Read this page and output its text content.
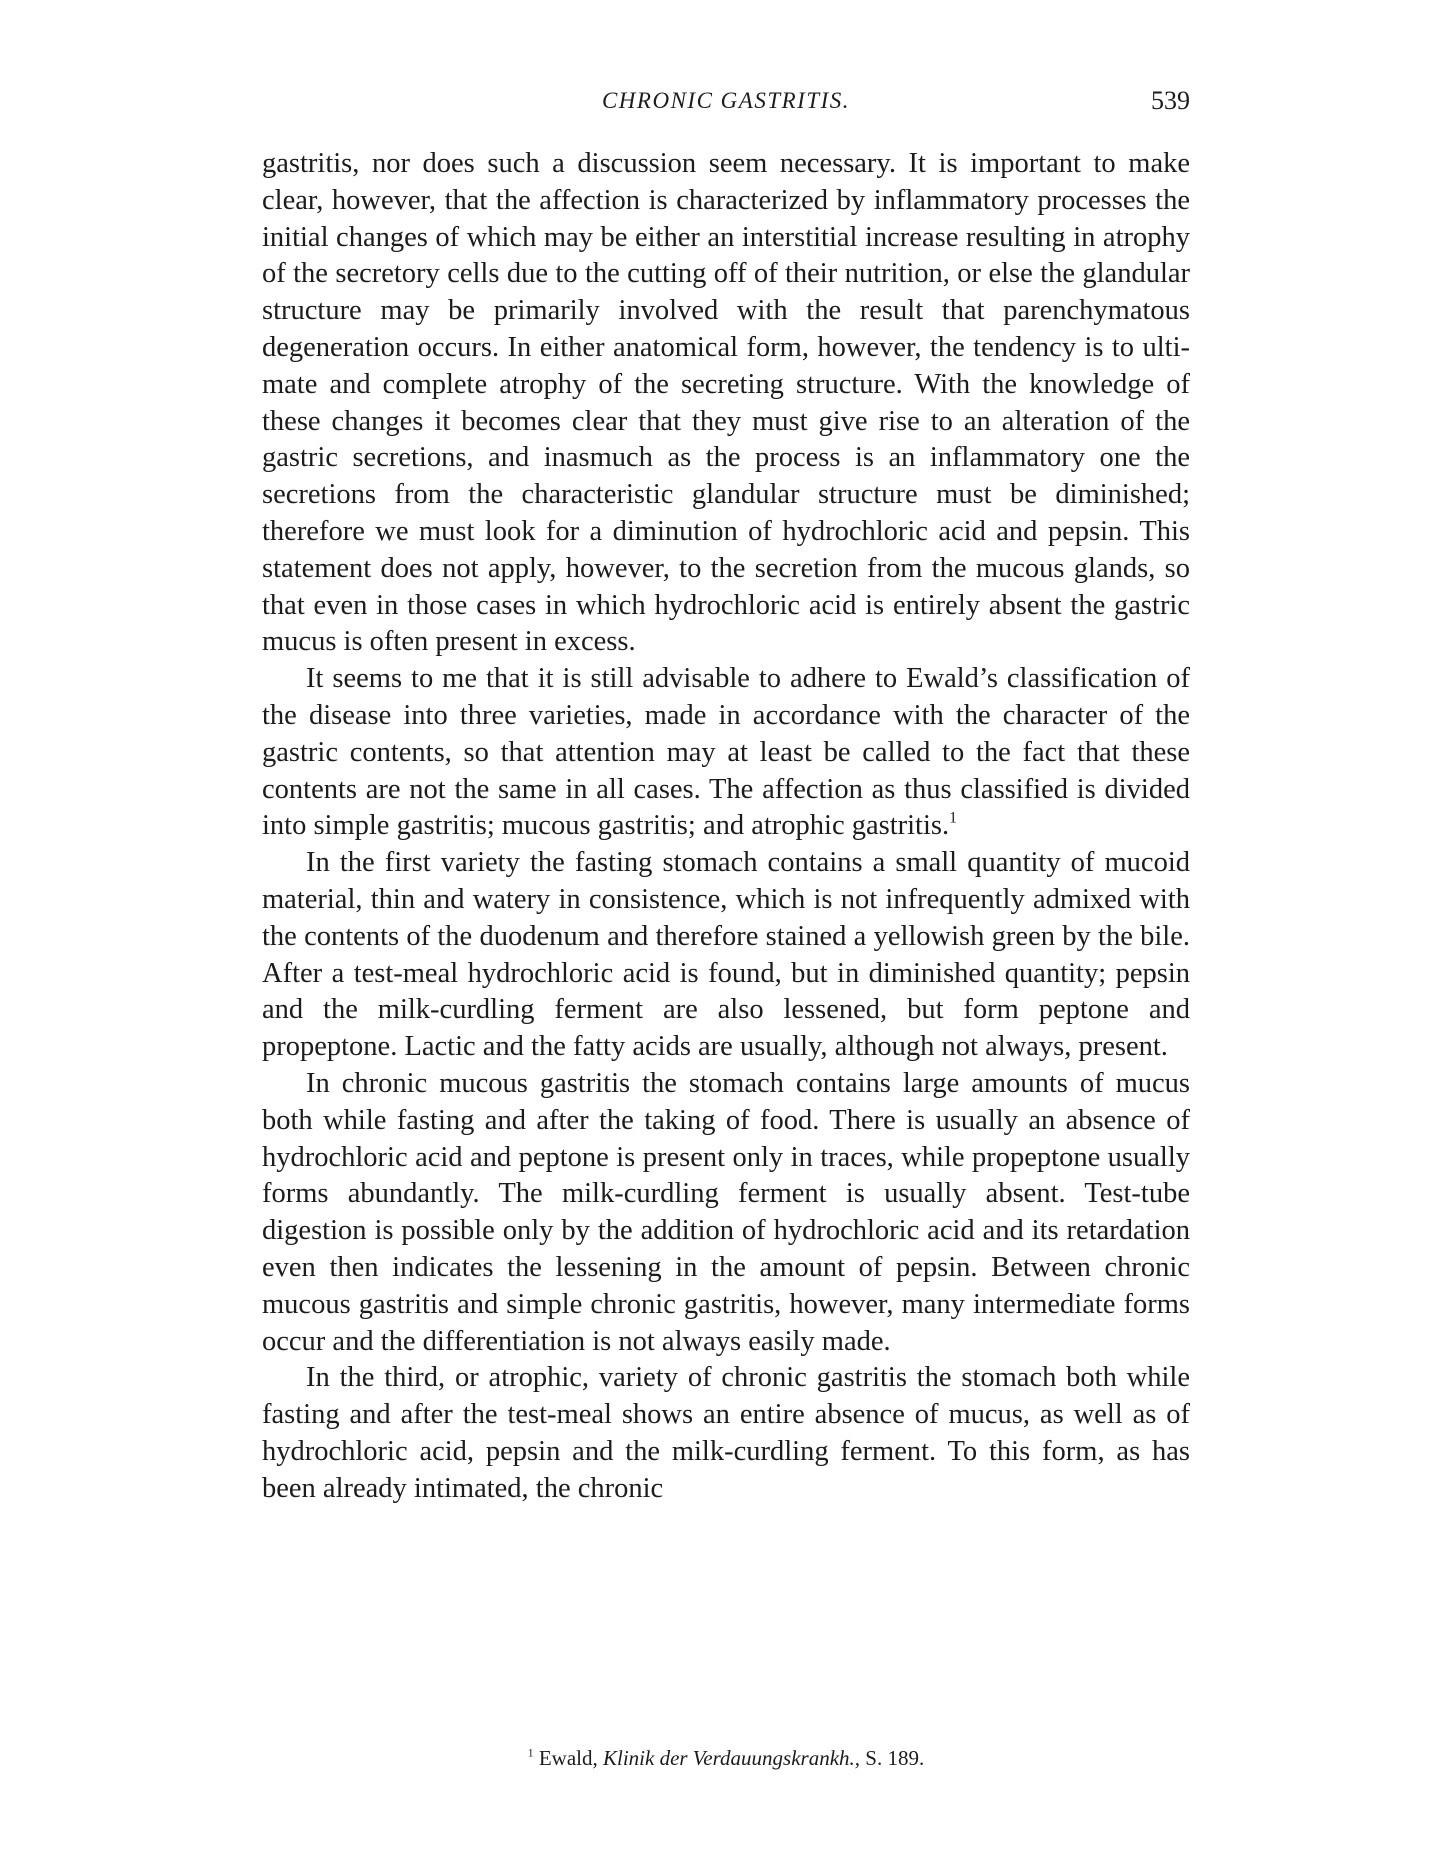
CHRONIC GASTRITIS.	539

gastritis, nor does such a discussion seem necessary. It is important to make clear, however, that the affection is characterized by inflammatory processes the initial changes of which may be either an interstitial increase resulting in atrophy of the secretory cells due to the cutting off of their nutrition, or else the glandular structure may be primarily involved with the result that parenchymatous degeneration occurs. In either anatomical form, however, the tendency is to ultimate and complete atrophy of the secreting structure. With the knowledge of these changes it becomes clear that they must give rise to an alteration of the gastric secretions, and inasmuch as the process is an inflammatory one the secretions from the characteristic glandular structure must be diminished; therefore we must look for a diminution of hydrochloric acid and pepsin. This statement does not apply, however, to the secretion from the mucous glands, so that even in those cases in which hydrochloric acid is entirely absent the gastric mucus is often present in excess.

It seems to me that it is still advisable to adhere to Ewald’s classification of the disease into three varieties, made in accordance with the character of the gastric contents, so that attention may at least be called to the fact that these contents are not the same in all cases. The affection as thus classified is divided into simple gastritis; mucous gastritis; and atrophic gastritis.$^1$

In the first variety the fasting stomach contains a small quantity of mucoid material, thin and watery in consistence, which is not infrequently admixed with the contents of the duodenum and therefore stained a yellowish green by the bile. After a test-meal hydrochloric acid is found, but in diminished quantity; pepsin and the milk-curdling ferment are also lessened, but form peptone and propeptone. Lactic and the fatty acids are usually, although not always, present.

In chronic mucous gastritis the stomach contains large amounts of mucus both while fasting and after the taking of food. There is usually an absence of hydrochloric acid and peptone is present only in traces, while propeptone usually forms abundantly. The milk-curdling ferment is usually absent. Test-tube digestion is possible only by the addition of hydrochloric acid and its retardation even then indicates the lessening in the amount of pepsin. Between chronic mucous gastritis and simple chronic gastritis, however, many intermediate forms occur and the differentiation is not always easily made.

In the third, or atrophic, variety of chronic gastritis the stomach both while fasting and after the test-meal shows an entire absence of mucus, as well as of hydrochloric acid, pepsin and the milk-curdling ferment. To this form, as has been already intimated, the chronic

$^1$ Ewald, Klinik der Verdauungskrankh., S. 189.
